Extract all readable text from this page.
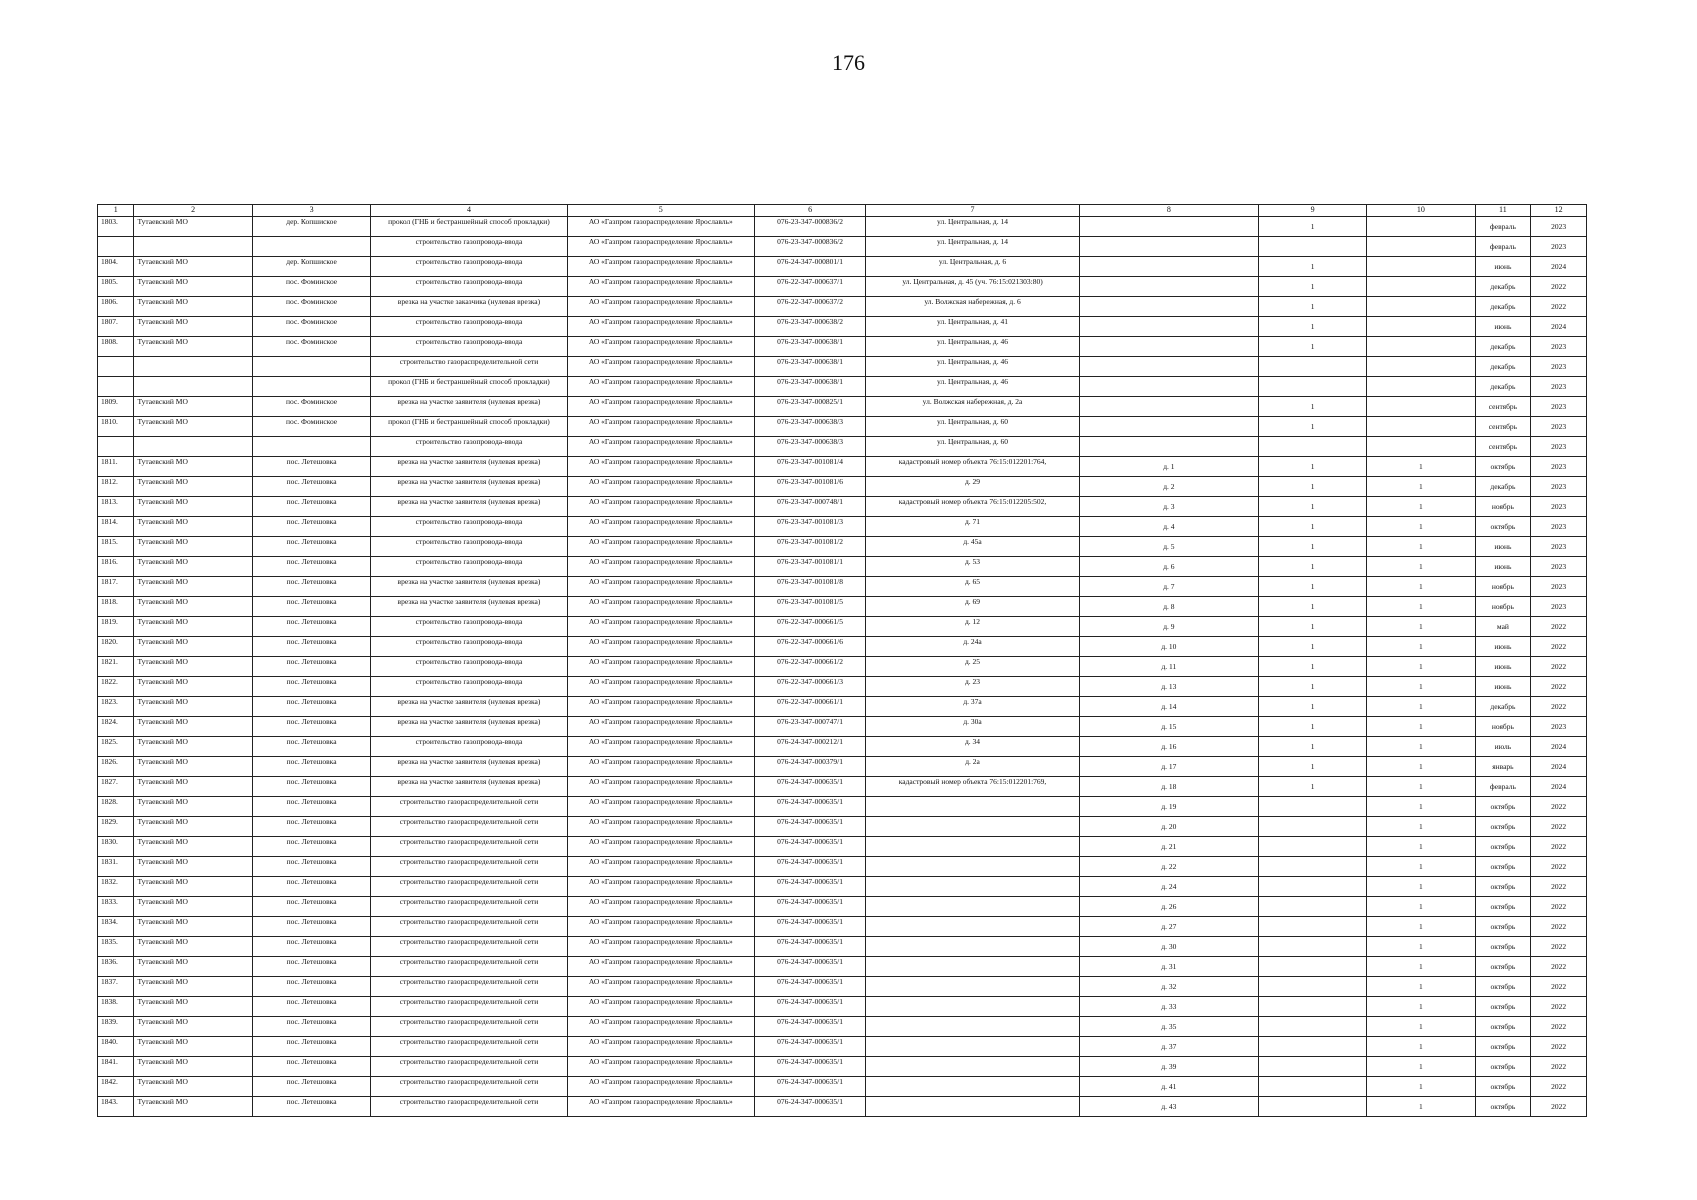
176
1	2	3	4	5	6	7	8	9	10	11	12
1803.	Тутаевский МО	дер. Копшиское	прокол (ГНБ и бестраншейный способ прокладки)	АО «Газпром газораспределение Ярославль»	076-23-347-000836/2	ул. Центральная, д. 14		1		февраль	2023
			строительство газопровода-ввода	АО «Газпром газораспределение Ярославль»	076-23-347-000836/2	ул. Центральная, д. 14				февраль	2023
1804.	Тутаевский МО	дер. Копшиское	строительство газопровода-ввода	АО «Газпром газораспределение Ярославль»	076-24-347-000801/1	ул. Центральная, д. 6		1		июнь	2024
1805.	Тутаевский МО	пос. Фоминское	строительство газопровода-ввода	АО «Газпром газораспределение Ярославль»	076-22-347-000637/1	ул. Центральная, д. 45 (уч. 76:15:021303:80)		1		декабрь	2022
1806.	Тутаевский МО	пос. Фоминское	врезка на участке заказчика (нулевая врезка)	АО «Газпром газораспределение Ярославль»	076-22-347-000637/2	ул. Волжская набережная, д. 6		1		декабрь	2022
1807.	Тутаевский МО	пос. Фоминское	строительство газопровода-ввода	АО «Газпром газораспределение Ярославль»	076-23-347-000638/2	ул. Центральная, д. 41		1		июнь	2024
1808.	Тутаевский МО	пос. Фоминское	строительство газопровода-ввода	АО «Газпром газораспределение Ярославль»	076-23-347-000638/1	ул. Центральная, д. 46		1		декабрь	2023
			строительство газораспределительной сети	АО «Газпром газораспределение Ярославль»	076-23-347-000638/1	ул. Центральная, д. 46				декабрь	2023
			прокол (ГНБ и бестраншейный способ прокладки)	АО «Газпром газораспределение Ярославль»	076-23-347-000638/1	ул. Центральная, д. 46				декабрь	2023
1809.	Тутаевский МО	пос. Фоминское	врезка на участке заявителя (нулевая врезка)	АО «Газпром газораспределение Ярославль»	076-23-347-000825/1	ул. Волжская набережная, д. 2а		1		сентябрь	2023
1810.	Тутаевский МО	пос. Фоминское	прокол (ГНБ и бестраншейный способ прокладки)	АО «Газпром газораспределение Ярославль»	076-23-347-000638/3	ул. Центральная, д. 60		1		сентябрь	2023
			строительство газопровода-ввода	АО «Газпром газораспределение Ярославль»	076-23-347-000638/3	ул. Центральная, д. 60				сентябрь	2023
1811.	Тутаевский МО	пос. Летешовка	врезка на участке заявителя (нулевая врезка)	АО «Газпром газораспределение Ярославль»	076-23-347-001081/4	кадастровый номер объекта 76:15:012201:764,	д. 1	1	1	октябрь	2023
1812.	Тутаевский МО	пос. Летешовка	врезка на участке заявителя (нулевая врезка)	АО «Газпром газораспределение Ярославль»	076-23-347-001081/6	д. 29	д. 2	1	1	декабрь	2023
1813.	Тутаевский МО	пос. Летешовка	врезка на участке заявителя (нулевая врезка)	АО «Газпром газораспределение Ярославль»	076-23-347-000748/1	кадастровый номер объекта 76:15:012205:502,	д. 3	1	1	ноябрь	2023
1814.	Тутаевский МО	пос. Летешовка	строительство газопровода-ввода	АО «Газпром газораспределение Ярославль»	076-23-347-001081/3	д. 71	д. 4	1	1	октябрь	2023
1815.	Тутаевский МО	пос. Летешовка	строительство газопровода-ввода	АО «Газпром газораспределение Ярославль»	076-23-347-001081/2	д. 45а	д. 5	1	1	июнь	2023
1816.	Тутаевский МО	пос. Летешовка	строительство газопровода-ввода	АО «Газпром газораспределение Ярославль»	076-23-347-001081/1	д. 53	д. 6	1	1	июнь	2023
1817.	Тутаевский МО	пос. Летешовка	врезка на участке заявителя (нулевая врезка)	АО «Газпром газораспределение Ярославль»	076-23-347-001081/8	д. 65	д. 7	1	1	ноябрь	2023
1818.	Тутаевский МО	пос. Летешовка	врезка на участке заявителя (нулевая врезка)	АО «Газпром газораспределение Ярославль»	076-23-347-001081/5	д. 69	д. 8	1	1	ноябрь	2023
1819.	Тутаевский МО	пос. Летешовка	строительство газопровода-ввода	АО «Газпром газораспределение Ярославль»	076-22-347-000661/5	д. 12	д. 9	1	1	май	2022
1820.	Тутаевский МО	пос. Летешовка	строительство газопровода-ввода	АО «Газпром газораспределение Ярославль»	076-22-347-000661/6	д. 24а	д. 10	1	1	июнь	2022
1821.	Тутаевский МО	пос. Летешовка	строительство газопровода-ввода	АО «Газпром газораспределение Ярославль»	076-22-347-000661/2	д. 25	д. 11	1	1	июнь	2022
1822.	Тутаевский МО	пос. Летешовка	строительство газопровода-ввода	АО «Газпром газораспределение Ярославль»	076-22-347-000661/3	д. 23	д. 13	1	1	июнь	2022
1823.	Тутаевский МО	пос. Летешовка	врезка на участке заявителя (нулевая врезка)	АО «Газпром газораспределение Ярославль»	076-22-347-000661/1	д. 37а	д. 14	1	1	декабрь	2022
1824.	Тутаевский МО	пос. Летешовка	врезка на участке заявителя (нулевая врезка)	АО «Газпром газораспределение Ярославль»	076-23-347-000747/1	д. 30а	д. 15	1	1	ноябрь	2023
1825.	Тутаевский МО	пос. Летешовка	строительство газопровода-ввода	АО «Газпром газораспределение Ярославль»	076-24-347-000212/1	д. 34	д. 16	1	1	июль	2024
1826.	Тутаевский МО	пос. Летешовка	врезка на участке заявителя (нулевая врезка)	АО «Газпром газораспределение Ярославль»	076-24-347-000379/1	д. 2а	д. 17	1	1	январь	2024
1827.	Тутаевский МО	пос. Летешовка	врезка на участке заявителя (нулевая врезка)	АО «Газпром газораспределение Ярославль»	076-24-347-000635/1	кадастровый номер объекта 76:15:012201:769,	д. 18	1	1	февраль	2024
1828.	Тутаевский МО	пос. Летешовка	строительство газораспределительной сети	АО «Газпром газораспределение Ярославль»	076-24-347-000635/1		д. 19		1	октябрь	2022
1829.	Тутаевский МО	пос. Летешовка	строительство газораспределительной сети	АО «Газпром газораспределение Ярославль»	076-24-347-000635/1		д. 20		1	октябрь	2022
1830.	Тутаевский МО	пос. Летешовка	строительство газораспределительной сети	АО «Газпром газораспределение Ярославль»	076-24-347-000635/1		д. 21		1	октябрь	2022
1831.	Тутаевский МО	пос. Летешовка	строительство газораспределительной сети	АО «Газпром газораспределение Ярославль»	076-24-347-000635/1		д. 22		1	октябрь	2022
1832.	Тутаевский МО	пос. Летешовка	строительство газораспределительной сети	АО «Газпром газораспределение Ярославль»	076-24-347-000635/1		д. 24		1	октябрь	2022
1833.	Тутаевский МО	пос. Летешовка	строительство газораспределительной сети	АО «Газпром газораспределение Ярославль»	076-24-347-000635/1		д. 26		1	октябрь	2022
1834.	Тутаевский МО	пос. Летешовка	строительство газораспределительной сети	АО «Газпром газораспределение Ярославль»	076-24-347-000635/1		д. 27		1	октябрь	2022
1835.	Тутаевский МО	пос. Летешовка	строительство газораспределительной сети	АО «Газпром газораспределение Ярославль»	076-24-347-000635/1		д. 30		1	октябрь	2022
1836.	Тутаевский МО	пос. Летешовка	строительство газораспределительной сети	АО «Газпром газораспределение Ярославль»	076-24-347-000635/1		д. 31		1	октябрь	2022
1837.	Тутаевский МО	пос. Летешовка	строительство газораспределительной сети	АО «Газпром газораспределение Ярославль»	076-24-347-000635/1		д. 32		1	октябрь	2022
1838.	Тутаевский МО	пос. Летешовка	строительство газораспределительной сети	АО «Газпром газораспределение Ярославль»	076-24-347-000635/1		д. 33		1	октябрь	2022
1839.	Тутаевский МО	пос. Летешовка	строительство газораспределительной сети	АО «Газпром газораспределение Ярославль»	076-24-347-000635/1		д. 35		1	октябрь	2022
1840.	Тутаевский МО	пос. Летешовка	строительство газораспределительной сети	АО «Газпром газораспределение Ярославль»	076-24-347-000635/1		д. 37		1	октябрь	2022
1841.	Тутаевский МО	пос. Летешовка	строительство газораспределительной сети	АО «Газпром газораспределение Ярославль»	076-24-347-000635/1		д. 39		1	октябрь	2022
1842.	Тутаевский МО	пос. Летешовка	строительство газораспределительной сети	АО «Газпром газораспределение Ярославль»	076-24-347-000635/1		д. 41		1	октябрь	2022
1843.	Тутаевский МО	пос. Летешовка	строительство газораспределительной сети	АО «Газпром газораспределение Ярославль»	076-24-347-000635/1		д. 43		1	октябрь	2022
